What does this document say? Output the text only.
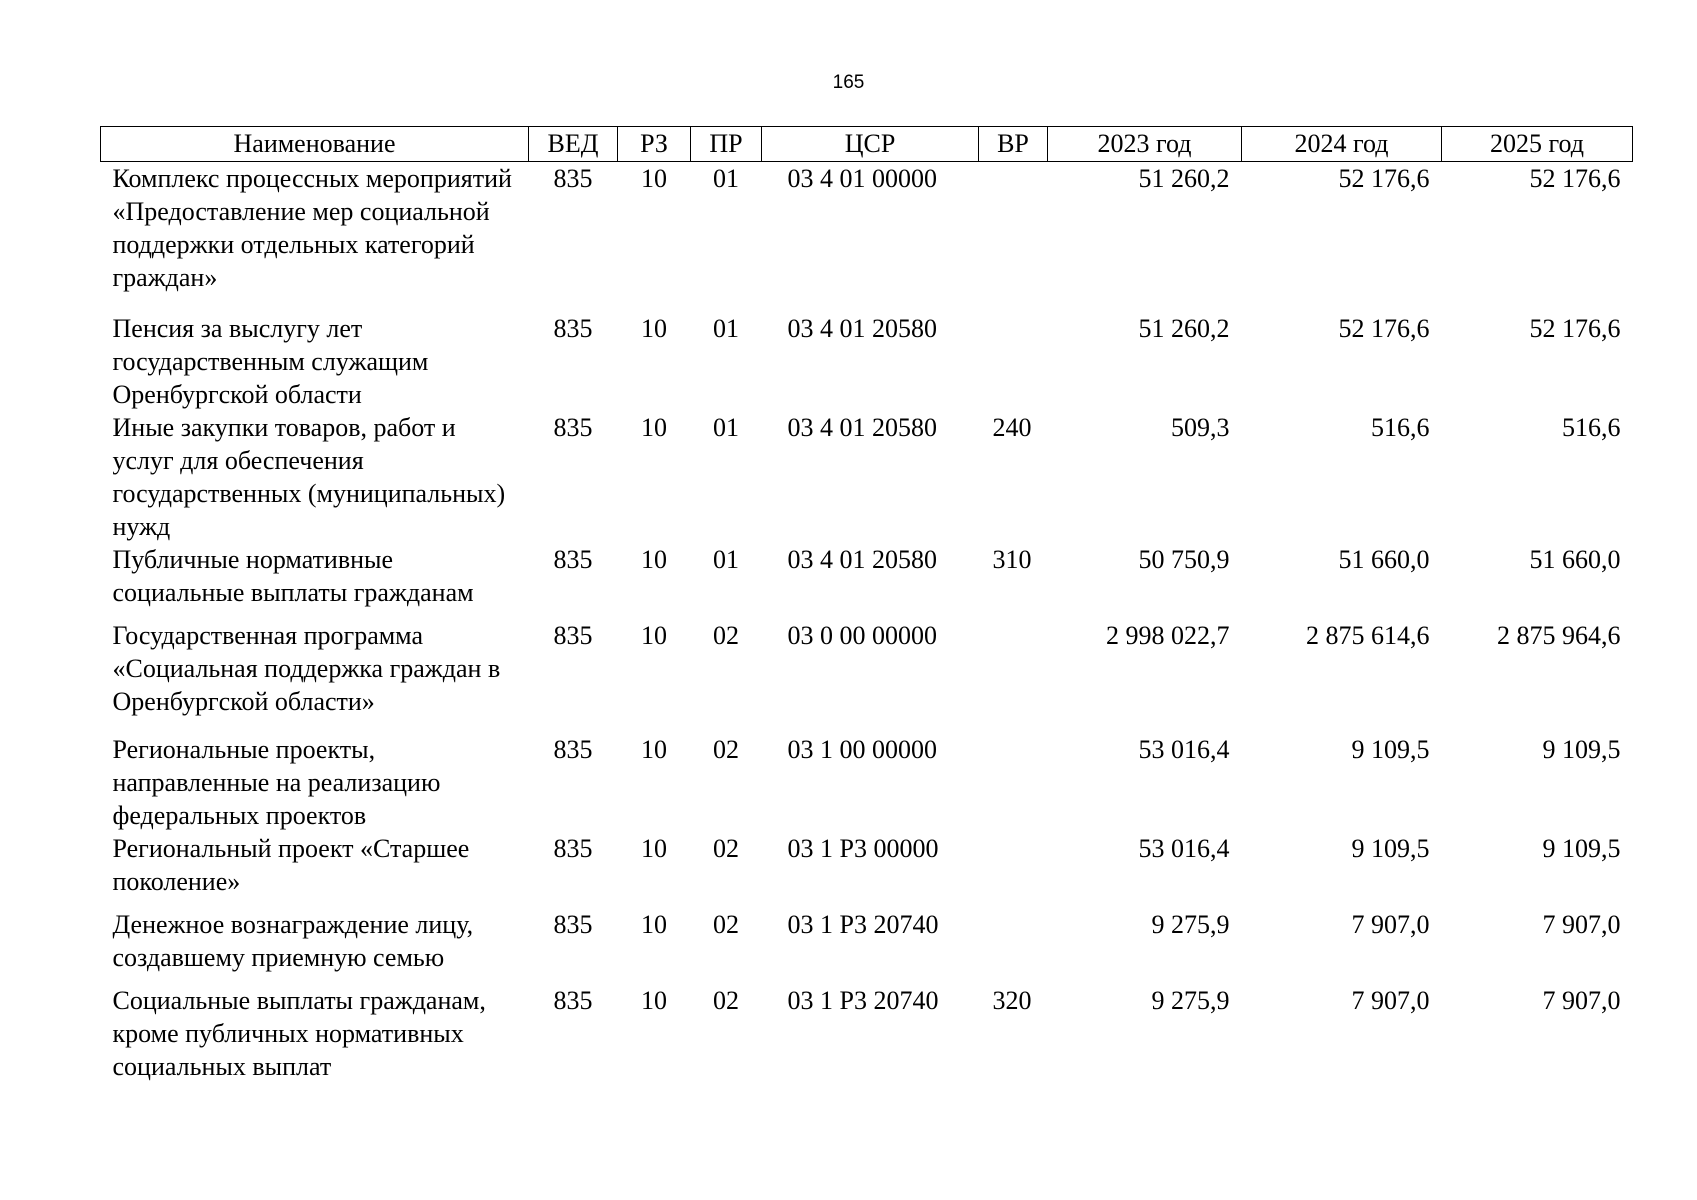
165
Наименование	ВЕД	РЗ	ПР	ЦСР	ВР	2023 год	2024 год	2025 год
Комплекс процессных мероприятий «Предоставление мер социальной поддержки отдельных категорий граждан»	835	10	01	03 4 01 00000		51 260,2	52 176,6	52 176,6
Пенсия за выслугу лет государственным служащим Оренбургской области	835	10	01	03 4 01 20580		51 260,2	52 176,6	52 176,6
Иные закупки товаров, работ и услуг для обеспечения государственных (муниципальных) нужд	835	10	01	03 4 01 20580	240	509,3	516,6	516,6
Публичные нормативные социальные выплаты гражданам	835	10	01	03 4 01 20580	310	50 750,9	51 660,0	51 660,0
Государственная программа «Социальная поддержка граждан в Оренбургской области»	835	10	02	03 0 00 00000		2 998 022,7	2 875 614,6	2 875 964,6
Региональные проекты, направленные на реализацию федеральных проектов	835	10	02	03 1 00 00000		53 016,4	9 109,5	9 109,5
Региональный проект «Старшее поколение»	835	10	02	03 1 P3 00000		53 016,4	9 109,5	9 109,5
Денежное вознаграждение лицу, создавшему приемную семью	835	10	02	03 1 P3 20740		9 275,9	7 907,0	7 907,0
Социальные выплаты гражданам, кроме публичных нормативных социальных выплат	835	10	02	03 1 P3 20740	320	9 275,9	7 907,0	7 907,0
